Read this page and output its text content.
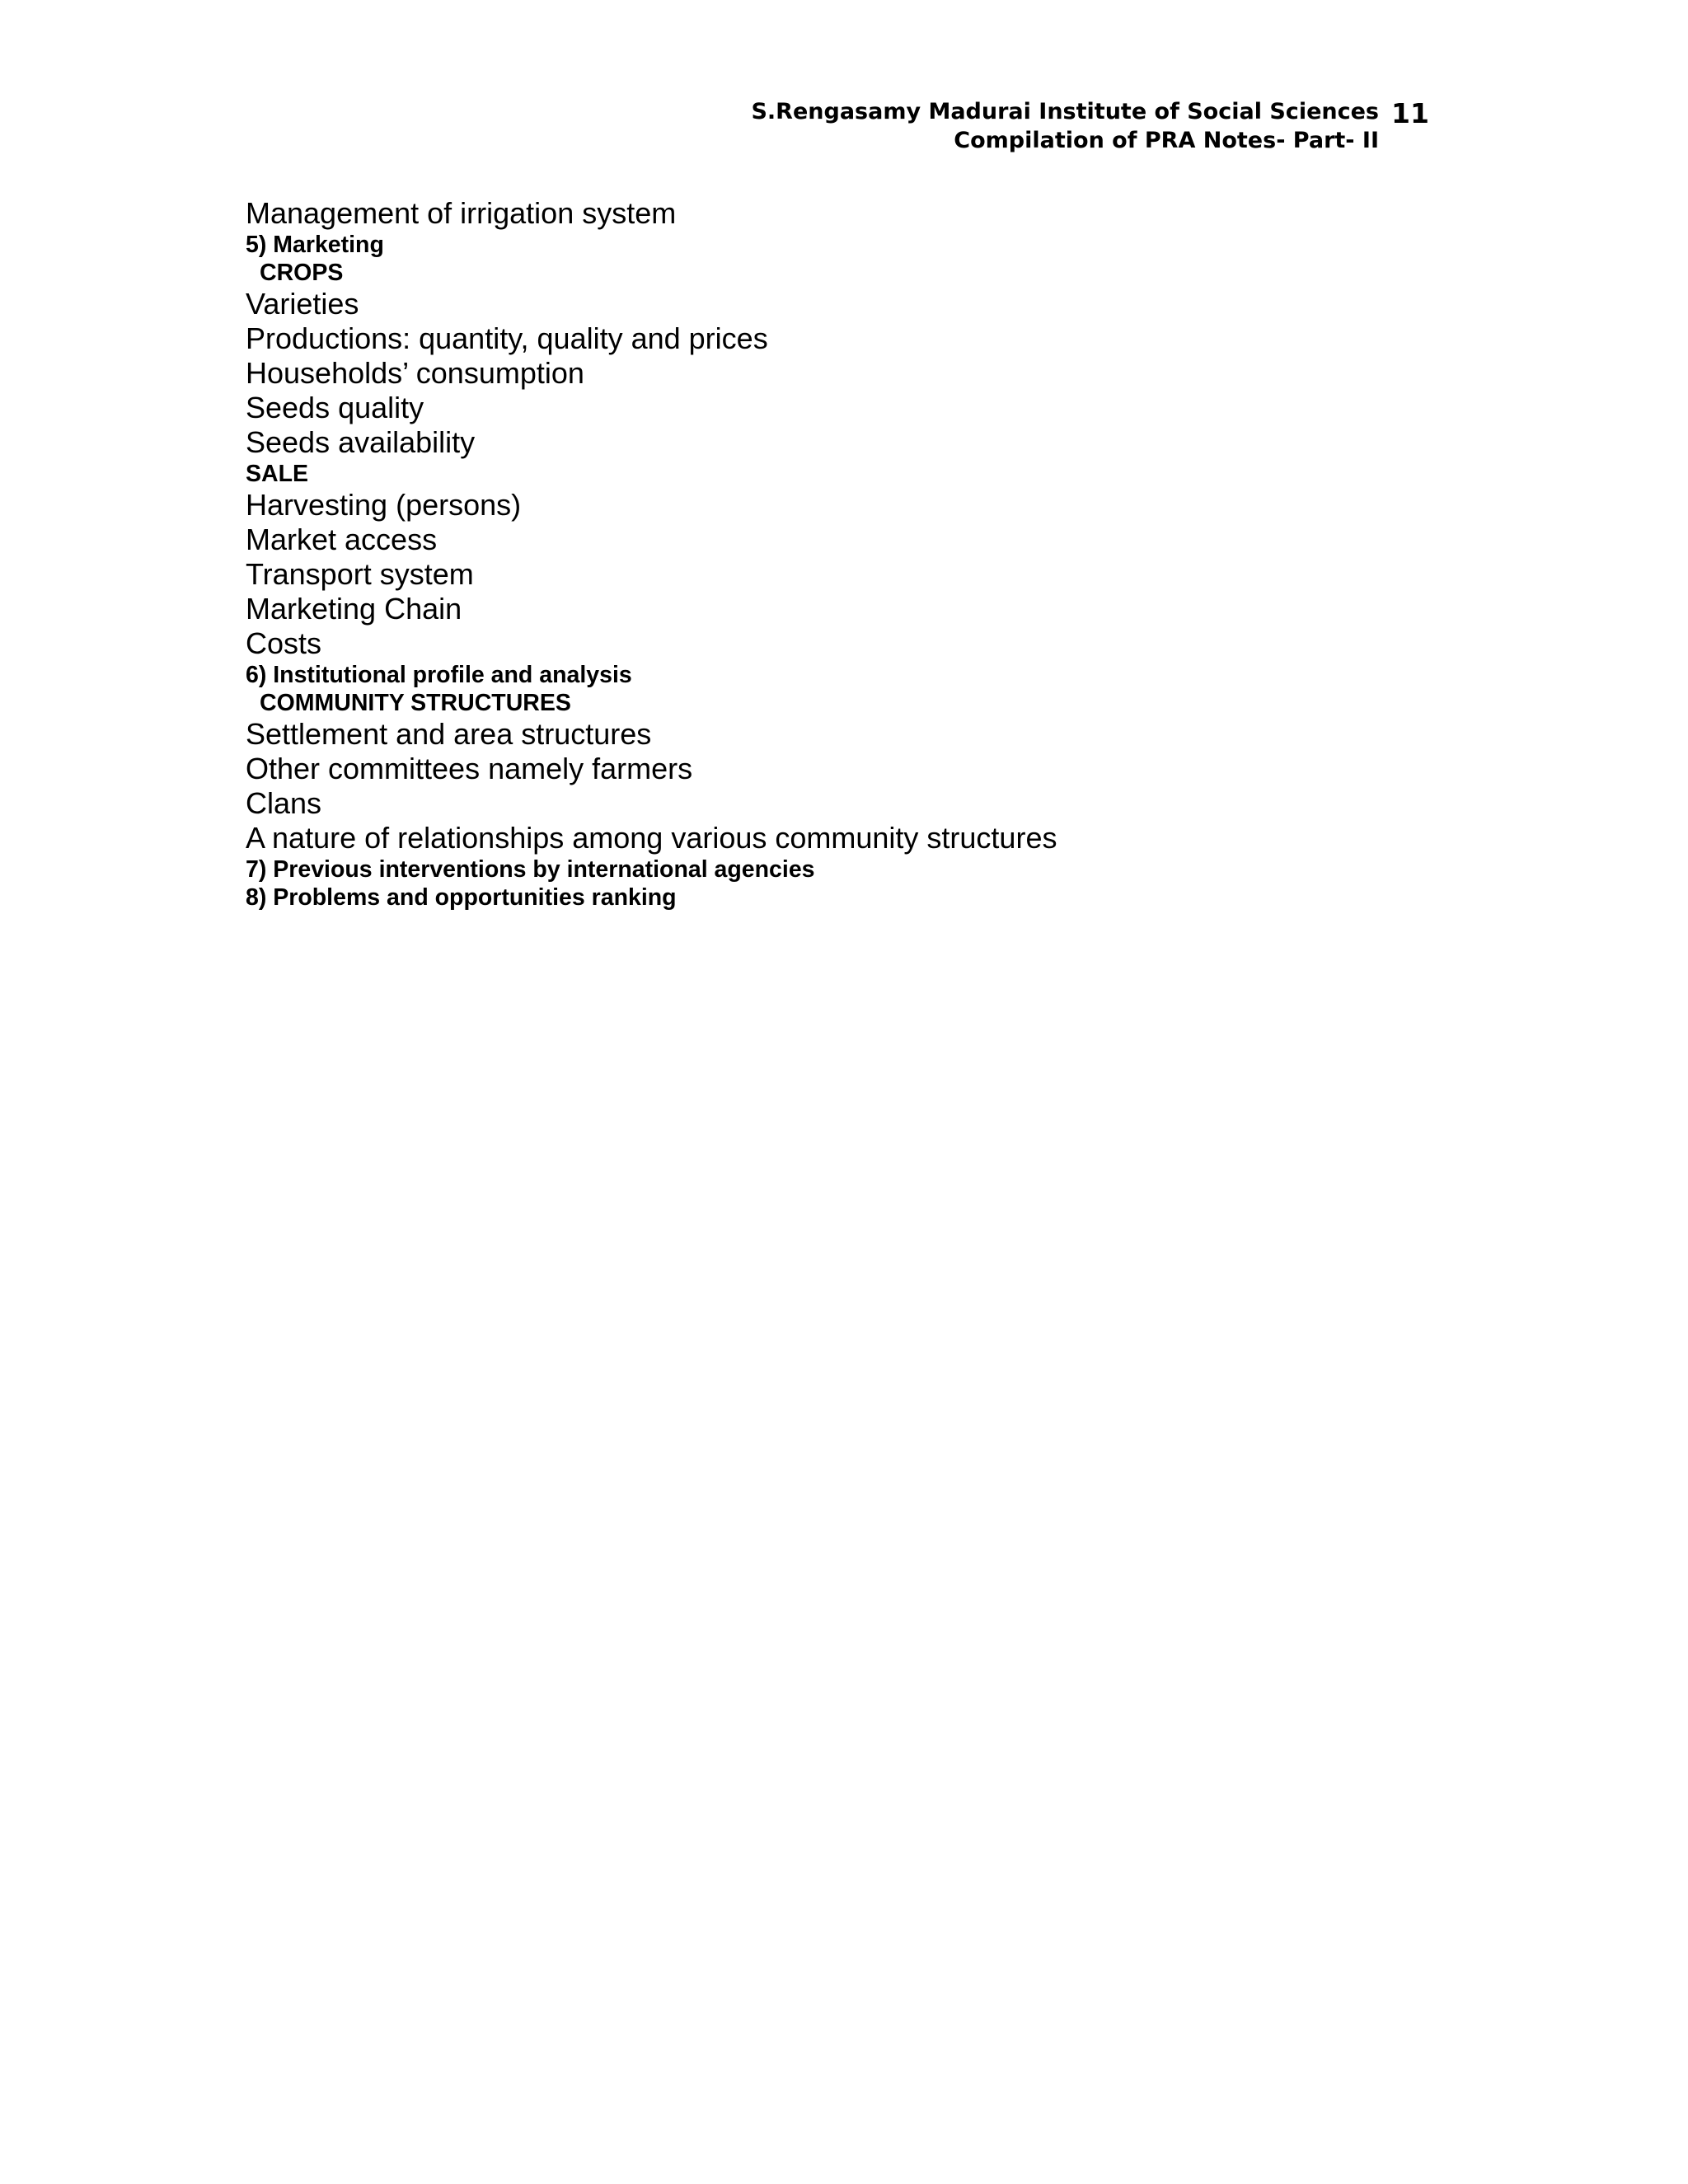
S.Rengasamy Madurai Institute of Social Sciences
Compilation of PRA Notes- Part- II
11
Management of irrigation system
5) Marketing
CROPS
Varieties
Productions: quantity, quality and prices
Households’ consumption
Seeds quality
Seeds availability
SALE
Harvesting (persons)
Market access
Transport system
Marketing Chain
Costs
6) Institutional profile and analysis
COMMUNITY STRUCTURES
Settlement and area structures
Other committees namely farmers
Clans
A nature of relationships among various community structures
7) Previous interventions by international agencies
8) Problems and opportunities ranking
